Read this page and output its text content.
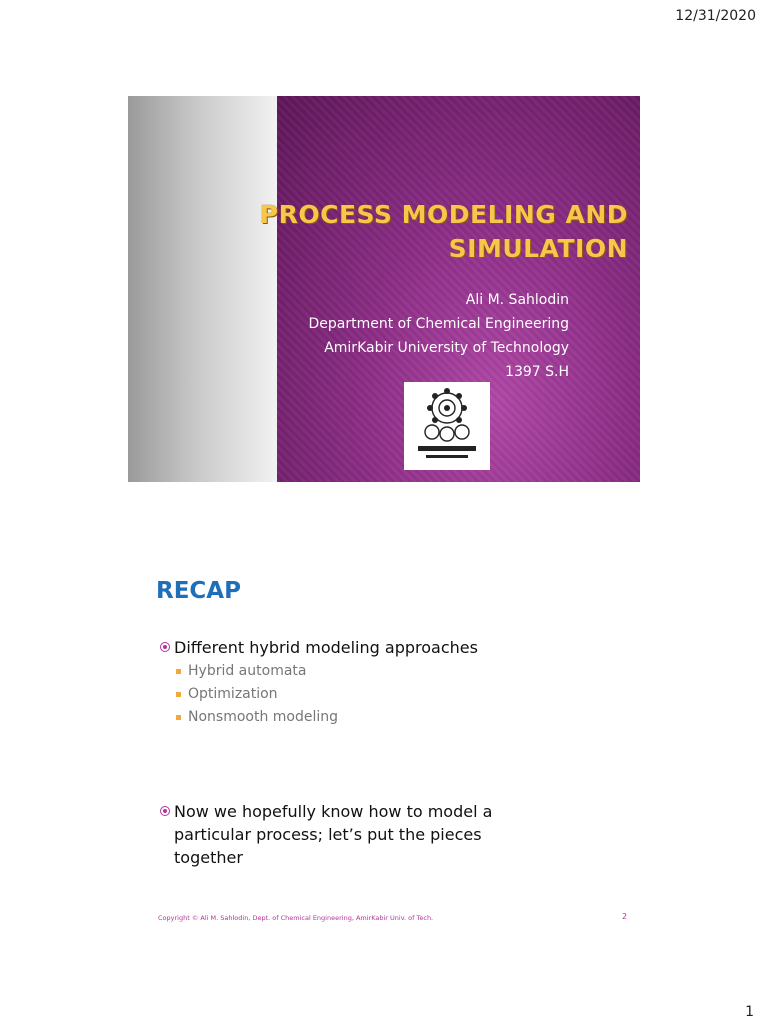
12/31/2020
PROCESS MODELING AND
SIMULATION
Ali M. Sahlodin
Department of Chemical Engineering
AmirKabir University of Technology
1397 S.H
RECAP
Different hybrid modeling approaches
Hybrid automata
Optimization
Nonsmooth modeling
Now we hopefully know how to model a
particular process; let’s put the pieces
together
Copyright © Ali M. Sahlodin, Dept. of Chemical Engineering, AmirKabir Univ. of Tech.	2
1
